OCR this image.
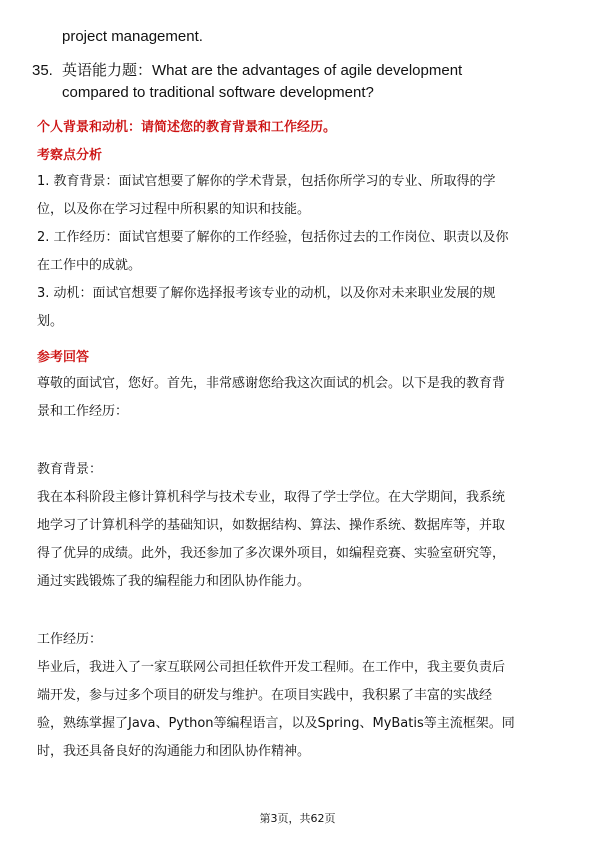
project management.
35. 英语能力题：What are the advantages of agile development
compared to traditional software development?
个人背景和动机：请简述您的教育背景和工作经历。
考察点分析
1. 教育背景：面试官想要了解你的学术背景，包括你所学习的专业、所取得的学
位，以及你在学习过程中所积累的知识和技能。
2. 工作经历：面试官想要了解你的工作经验，包括你过去的工作岗位、职责以及你
在工作中的成就。
3. 动机：面试官想要了解你选择报考该专业的动机，以及你对未来职业发展的规
划。
参考回答
尊敬的面试官，您好。首先，非常感谢您给我这次面试的机会。以下是我的教育背
景和工作经历：
教育背景：
我在本科阶段主修计算机科学与技术专业，取得了学士学位。在大学期间，我系统
地学习了计算机科学的基础知识，如数据结构、算法、操作系统、数据库等，并取
得了优异的成绩。此外，我还参加了多次课外项目，如编程竞赛、实验室研究等，
通过实践锻炼了我的编程能力和团队协作能力。
工作经历：
毕业后，我进入了一家互联网公司担任软件开发工程师。在工作中，我主要负责后
端开发，参与过多个项目的研发与维护。在项目实践中，我积累了丰富的实战经
验，熟练掌握了Java、Python等编程语言，以及Spring、MyBatis等主流框架。同
时，我还具备良好的沟通能力和团队协作精神。
第3页，共62页
